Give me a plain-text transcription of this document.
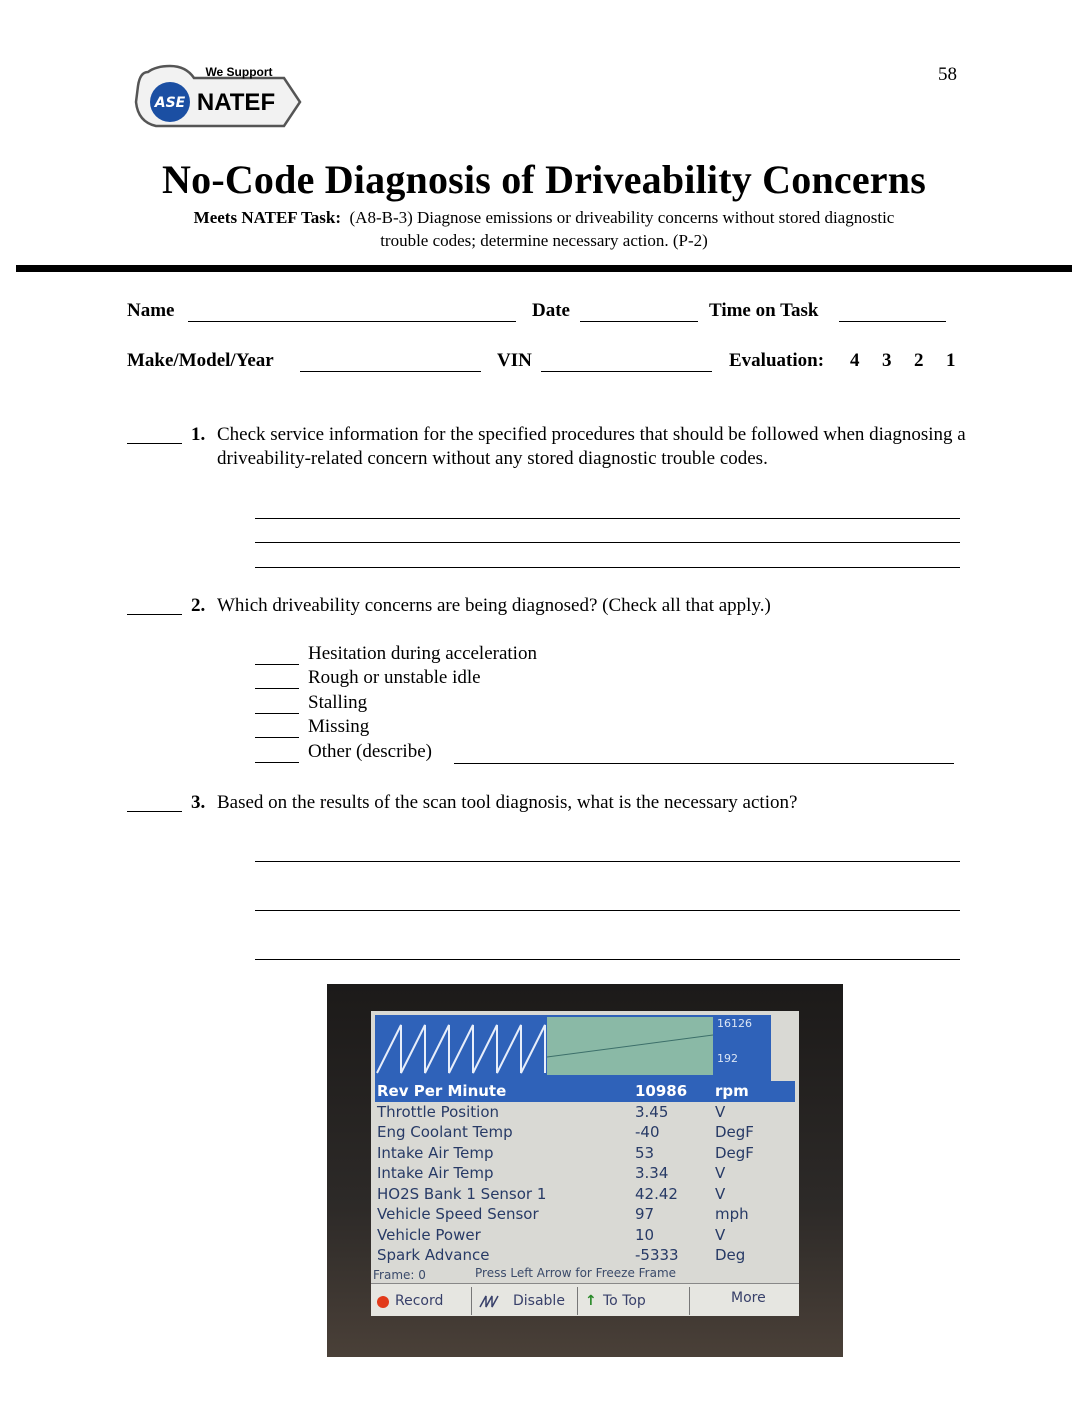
58
ASE
We Support
NATEF
No-Code Diagnosis of Driveability Concerns
Meets NATEF Task: (A8-B-3) Diagnose emissions or driveability concerns without stored diagnostic
trouble codes; determine necessary action. (P-2)
Name	Date	Time on Task
Make/Model/Year	VIN	Evaluation: 4 3 2 1
1. Check service information for the specified procedures that should be followed when diagnosing a driveability-related concern without any stored diagnostic trouble codes.
2. Which driveability concerns are being diagnosed? (Check all that apply.)
Hesitation during acceleration
Rough or unstable idle
Stalling
Missing
Other (describe)
3. Based on the results of the scan tool diagnosis, what is the necessary action?
16126
192
Rev Per Minute	10986 rpm
Throttle Position	3.45	V
Eng Coolant Temp	-40	DegF
Intake Air Temp	53	DegF
Intake Air Temp	3.34	V
HO2S Bank 1 Sensor 1	42.42 V
Vehicle Speed Sensor	97	mph
Vehicle Power	10	V
Spark Advance	-5333 Deg
Frame: 0	Press Left Arrow for Freeze Frame
Record	Disable ↑ To Top	More
